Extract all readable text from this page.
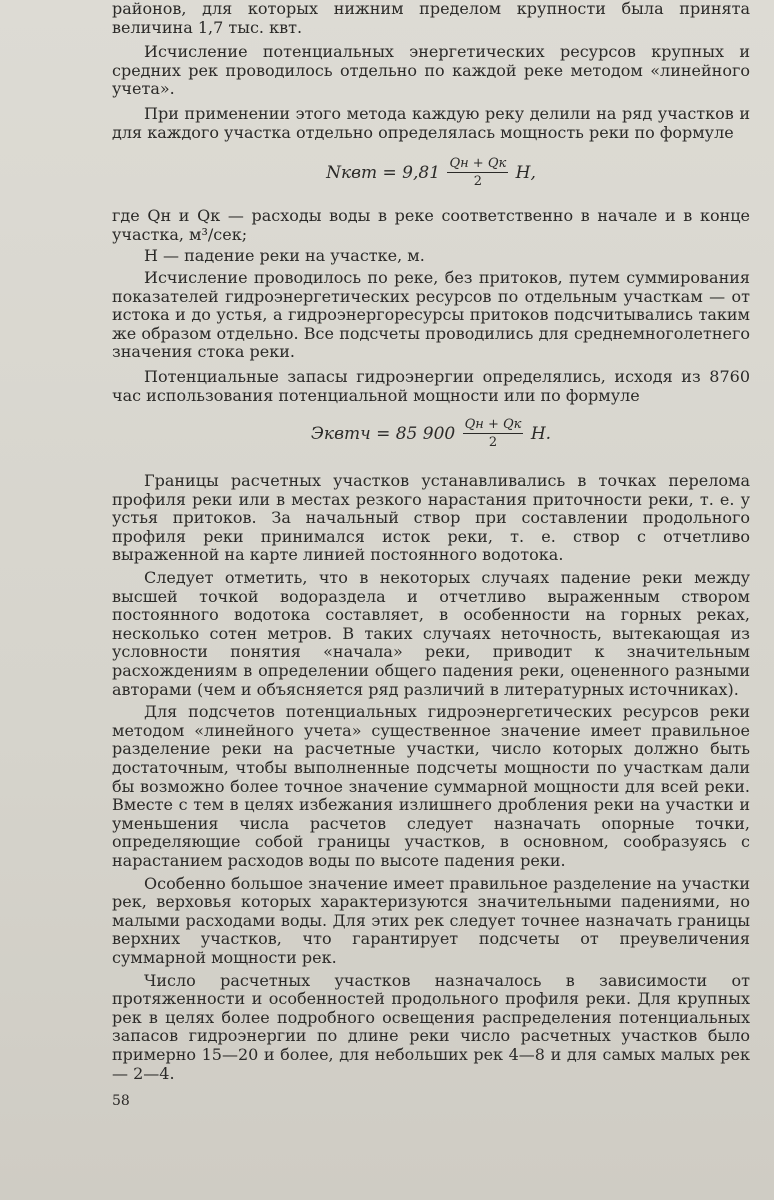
районов, для которых нижним пределом крупности была принята величина 1,7 тыс. квт.

Исчисление потенциальных энергетических ресурсов крупных и средних рек проводилось отдельно по каждой реке методом «линейного учета».

При применении этого метода каждую реку делили на ряд участков и для каждого участка отдельно определялась мощность реки по формуле

Nквт = $9,81 \frac{Qн + Qк}{2} H$,

где Qн и Qк — расходы воды в реке соответственно в начале и в конце участка, м³/сек;

H — падение реки на участке, м.

Исчисление проводилось по реке, без притоков, путем суммирования показателей гидроэнергетических ресурсов по отдельным участкам — от истока и до устья, а гидроэнергоресурсы притоков подсчитывались таким же образом отдельно. Все подсчеты проводились для среднемноголетнего значения стока реки.

Потенциальные запасы гидроэнергии определялись, исходя из 8760 час использования потенциальной мощности или по формуле

Эквтч = 85 $900 \frac{Qн + Qк}{2} H$.

Границы расчетных участков устанавливались в точках перелома профиля реки или в местах резкого нарастания приточности реки, т. е. у устья притоков. За начальный створ при составлении продольного профиля реки принимался исток реки, т. е. створ с отчетливо выраженной на карте линией постоянного водотока.

Следует отметить, что в некоторых случаях падение реки между высшей точкой водораздела и отчетливо выраженным створом постоянного водотока составляет, в особенности на горных реках, несколько сотен метров. В таких случаях неточность, вытекающая из условности понятия «начала» реки, приводит к значительным расхождениям в определении общего падения реки, оцененного разными авторами (чем и объясняется ряд различий в литературных источниках).

Для подсчетов потенциальных гидроэнергетических ресурсов реки методом «линейного учета» существенное значение имеет правильное разделение реки на расчетные участки, число которых должно быть достаточным, чтобы выполненные подсчеты мощности по участкам дали бы возможно более точное значение суммарной мощности для всей реки. Вместе с тем в целях избежания излишнего дробления реки на участки и уменьшения числа расчетов следует назначать опорные точки, определяющие собой границы участков, в основном, сообразуясь с нарастанием расходов воды по высоте падения реки.

Особенно большое значение имеет правильное разделение на участки рек, верховья которых характеризуются значительными падениями, но малыми расходами воды. Для этих рек следует точнее назначать границы верхних участков, что гарантирует подсчеты от преувеличения суммарной мощности рек.

Число расчетных участков назначалось в зависимости от протяженности и особенностей продольного профиля реки. Для крупных рек в целях более подробного освещения распределения потенциальных запасов гидроэнергии по длине реки число расчетных участков было примерно 15—20 и более, для небольших рек 4—8 и для самых малых рек — 2—4.

58
